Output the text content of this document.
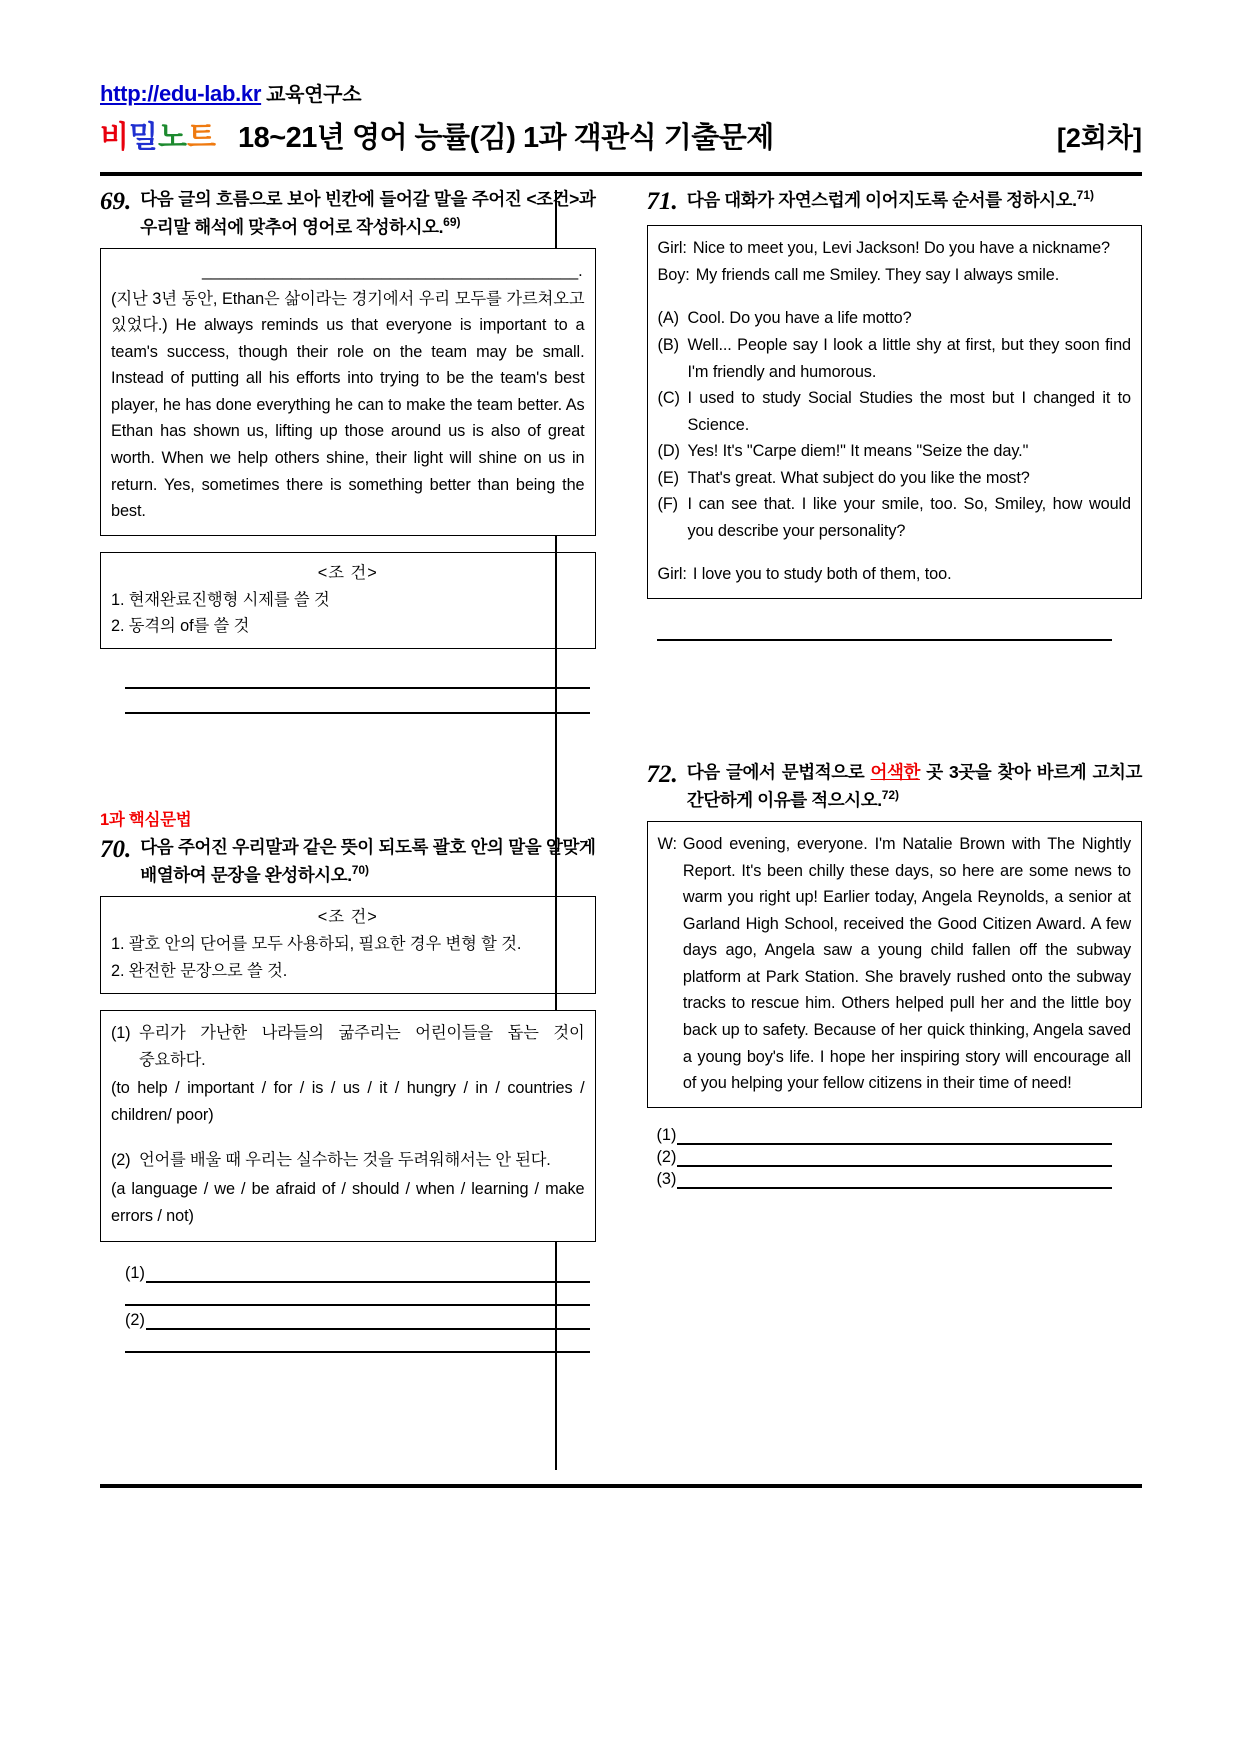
http://edu-lab.kr 교육연구소
비밀노트 18~21년 영어 능률(김) 1과 객관식 기출문제	[2회차]
69. 다음 글의 흐름으로 보아 빈칸에 들어갈 말을 주어진 <조건>과 우리말 해석에 맞추어 영어로 작성하시오.$^{69)}$
__________________________________________.
(지난 3년 동안, Ethan은 삶이라는 경기에서 우리 모두를 가르쳐오고 있었다.) He always reminds us that everyone is important to a team's success, though their role on the team may be small. Instead of putting all his efforts into trying to be the team's best player, he has done everything he can to make the team better. As Ethan has shown us, lifting up those around us is also of great worth. When we help others shine, their light will shine on us in return. Yes, sometimes there is something better than being the best.
<조 건>
1. 현재완료진행형 시제를 쓸 것
2. 동격의 of를 쓸 것
1과 핵심문법
70. 다음 주어진 우리말과 같은 뜻이 되도록 괄호 안의 말을 알맞게 배열하여 문장을 완성하시오.$^{70)}$
<조 건>
1. 괄호 안의 단어를 모두 사용하되, 필요한 경우 변형 할 것.
2. 완전한 문장으로 쓸 것.
(1) 우리가 가난한 나라들의 굶주리는 어린이들을 돕는 것이 중요하다.
(to help / important / for / is / us / it / hungry / in / countries / children/ poor)
(2) 언어를 배울 때 우리는 실수하는 것을 두려워해서는 안 된다.
(a language / we / be afraid of / should / when / learning / make errors / not)
(1)
(2)
71. 다음 대화가 자연스럽게 이어지도록 순서를 정하시오.$^{71)}$
Girl: Nice to meet you, Levi Jackson! Do you have a nickname?
Boy: My friends call me Smiley. They say I always smile.
(A) Cool. Do you have a life motto?
(B) Well... People say I look a little shy at first, but they soon find I'm friendly and humorous.
(C) I used to study Social Studies the most but I changed it to Science.
(D) Yes! It's "Carpe diem!" It means "Seize the day."
(E) That's great. What subject do you like the most?
(F) I can see that. I like your smile, too. So, Smiley, how would you describe your personality?
Girl: I love you to study both of them, too.
72. 다음 글에서 문법적으로 어색한 곳 3곳을 찾아 바르게 고치고 간단하게 이유를 적으시오.$^{72)}$
W: Good evening, everyone. I'm Natalie Brown with The Nightly Report. It's been chilly these days, so here are some news to warm you right up! Earlier today, Angela Reynolds, a senior at Garland High School, received the Good Citizen Award. A few days ago, Angela saw a young child fallen off the subway platform at Park Station. She bravely rushed onto the subway tracks to rescue him. Others helped pull her and the little boy back up to safety. Because of her quick thinking, Angela saved a young boy's life. I hope her inspiring story will encourage all of you helping your fellow citizens in their time of need!
(1)
(2)
(3)
